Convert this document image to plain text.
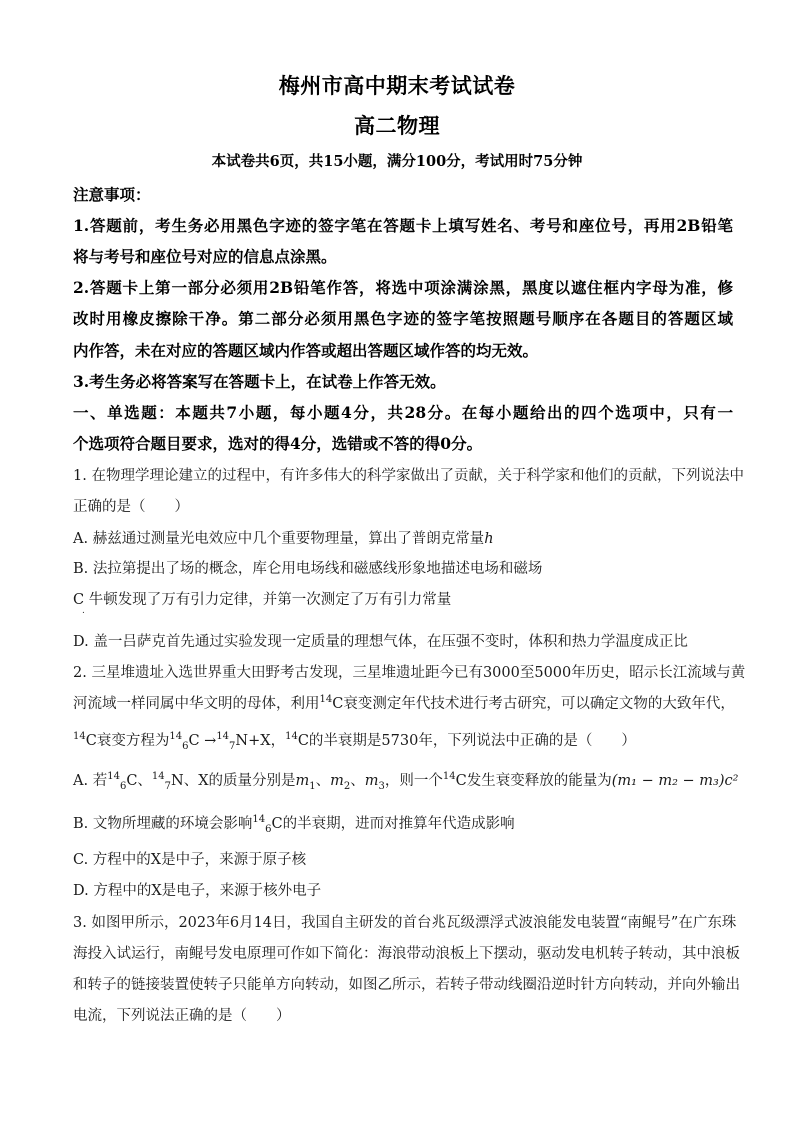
梅州市高中期末考试试卷
高二物理
本试卷共6页，共15小题，满分100分，考试用时75分钟
注意事项：
1.答题前，考生务必用黑色字迹的签字笔在答题卡上填写姓名、考号和座位号，再用2B铅笔
将与考号和座位号对应的信息点涂黑。
2.答题卡上第一部分必须用2B铅笔作答，将选中项涂满涂黑，黑度以遮住框内字母为准，修
改时用橡皮擦除干净。第二部分必须用黑色字迹的签字笔按照题号顺序在各题目的答题区域
内作答，未在对应的答题区域内作答或超出答题区域作答的均无效。
3.考生务必将答案写在答题卡上，在试卷上作答无效。
一、单选题：本题共7小题，每小题4分，共28分。在每小题给出的四个选项中，只有一
个选项符合题目要求，选对的得4分，选错或不答的得0分。
1. 在物理学理论建立的过程中，有许多伟大的科学家做出了贡献，关于科学家和他们的贡献，下列说法中
正确的是（　　）
A. 赫兹通过测量光电效应中几个重要物理量，算出了普朗克常量h
B. 法拉第提出了场的概念，库仑用电场线和磁感线形象地描述电场和磁场
C 牛顿发现了万有引力定律，并第一次测定了万有引力常量
.
D. 盖一吕萨克首先通过实验发现一定质量的理想气体，在压强不变时，体积和热力学温度成正比
2. 三星堆遗址入选世界重大田野考古发现，三星堆遗址距今已有3000至5000年历史，昭示长江流域与黄
河流域一样同属中华文明的母体，利用$^{14}$C衰变测定年代技术进行考古研究，可以确定文物的大致年代，
$^{14}$C衰变方程为$^{14}_6$C →$^{14}_7$N+X，$^{14}$C的半衰期是5730年，下列说法中正确的是（　　）
A. 若$^{14}_6$C、$^{14}_7$N、X的质量分别是$m_1$、$m_2$、$m_3$，则一个$^{14}$C发生衰变释放的能量为(m₁ − m₂ − m₃)c²
B. 文物所埋藏的环境会影响$^{14}_6$C的半衰期，进而对推算年代造成影响
C. 方程中的X是中子，来源于原子核
D. 方程中的X是电子，来源于核外电子
3. 如图甲所示，2023年6月14日，我国自主研发的首台兆瓦级漂浮式波浪能发电装置“南鲲号”在广东珠
海投入试运行，南鲲号发电原理可作如下简化：海浪带动浪板上下摆动，驱动发电机转子转动，其中浪板
和转子的链接装置使转子只能单方向转动，如图乙所示，若转子带动线圈沿逆时针方向转动，并向外输出
电流，下列说法正确的是（　　）
